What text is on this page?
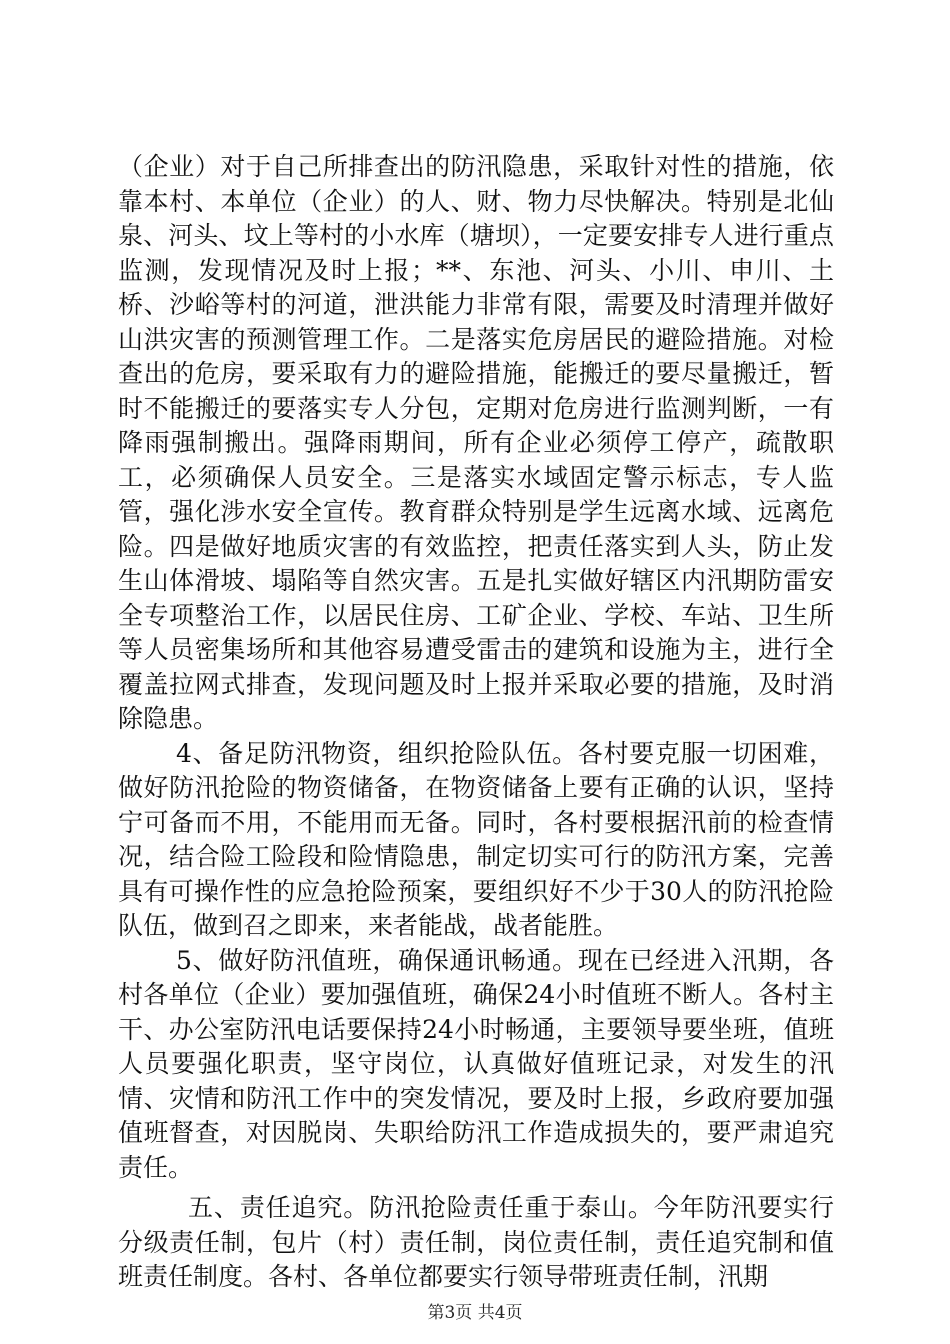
（企业）对于自己所排查出的防汛隐患，采取针对性的措施，依靠本村、本单位（企业）的人、财、物力尽快解决。特别是北仙泉、河头、坟上等村的小水库（塘坝），一定要安排专人进行重点监测，发现情况及时上报；**、东池、河头、小川、申川、土桥、沙峪等村的河道，泄洪能力非常有限，需要及时清理并做好山洪灾害的预测管理工作。二是落实危房居民的避险措施。对检查出的危房，要采取有力的避险措施，能搬迁的要尽量搬迁，暂时不能搬迁的要落实专人分包，定期对危房进行监测判断，一有降雨强制搬出。强降雨期间，所有企业必须停工停产，疏散职工，必须确保人员安全。三是落实水域固定警示标志，专人监管，强化涉水安全宣传。教育群众特别是学生远离水域、远离危险。四是做好地质灾害的有效监控，把责任落实到人头，防止发生山体滑坡、塌陷等自然灾害。五是扎实做好辖区内汛期防雷安全专项整治工作，以居民住房、工矿企业、学校、车站、卫生所等人员密集场所和其他容易遭受雷击的建筑和设施为主，进行全覆盖拉网式排查，发现问题及时上报并采取必要的措施，及时消除隐患。

4、备足防汛物资，组织抢险队伍。各村要克服一切困难，做好防汛抢险的物资储备，在物资储备上要有正确的认识，坚持宁可备而不用，不能用而无备。同时，各村要根据汛前的检查情况，结合险工险段和险情隐患，制定切实可行的防汛方案，完善具有可操作性的应急抢险预案，要组织好不少于30人的防汛抢险队伍，做到召之即来，来者能战，战者能胜。

5、做好防汛值班，确保通讯畅通。现在已经进入汛期，各村各单位（企业）要加强值班，确保24小时值班不断人。各村主干、办公室防汛电话要保持24小时畅通，主要领导要坐班，值班人员要强化职责，坚守岗位，认真做好值班记录，对发生的汛情、灾情和防汛工作中的突发情况，要及时上报，乡政府要加强值班督查，对因脱岗、失职给防汛工作造成损失的，要严肃追究责任。

五、责任追究。防汛抢险责任重于泰山。今年防汛要实行分级责任制，包片（村）责任制，岗位责任制，责任追究制和值班责任制度。各村、各单位都要实行领导带班责任制，汛期

第3页 共4页
